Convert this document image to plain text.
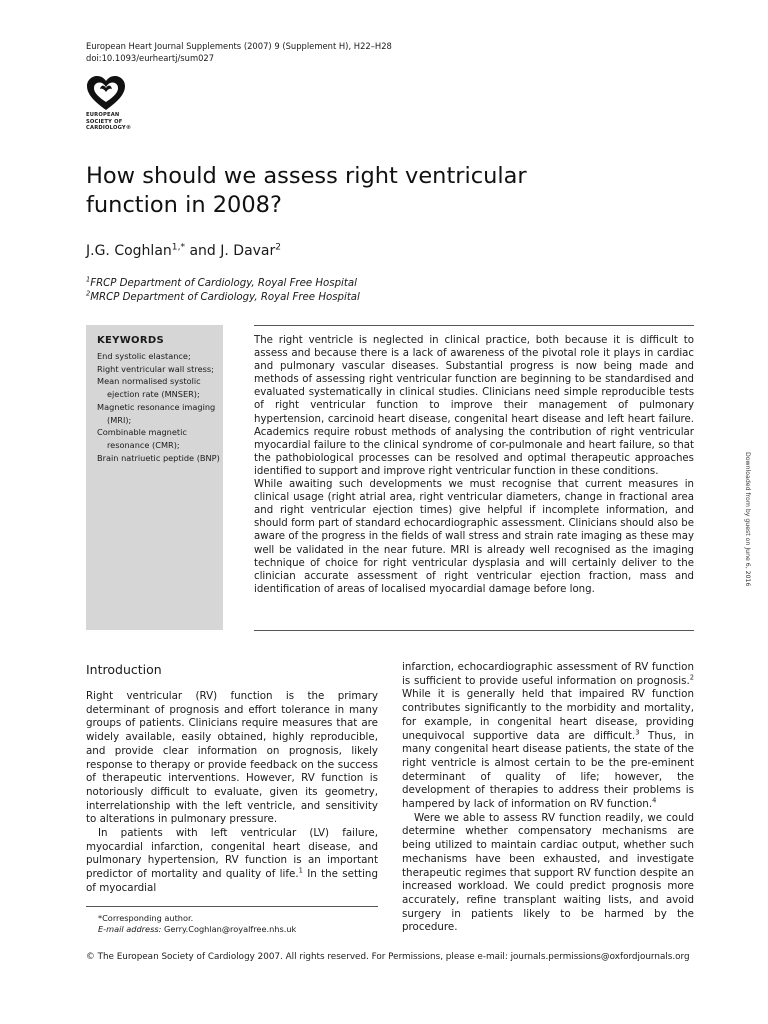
European Heart Journal Supplements (2007) 9 (Supplement H), H22–H28
doi:10.1093/eurheartj/sum027
EUROPEAN
SOCIETY OF
CARDIOLOGY®
How should we assess right ventricular
function in 2008?
J.G. Coghlan$^{1,*}$ and J. Davar$^2$
$^1$FRCP Department of Cardiology, Royal Free Hospital
$^2$MRCP Department of Cardiology, Royal Free Hospital
KEYWORDS
End systolic elastance;
Right ventricular wall stress;
Mean normalised systolic ejection rate (MNSER);
Magnetic resonance imaging (MRI);
Combinable magnetic resonance (CMR);
Brain natriuetic peptide (BNP)

The right ventricle is neglected in clinical practice, both because it is difficult to assess and because there is a lack of awareness of the pivotal role it plays in cardiac and pulmonary vascular diseases. Substantial progress is now being made and methods of assessing right ventricular function are beginning to be standardised and evaluated systematically in clinical studies. Clinicians need simple reproducible tests of right ventricular function to improve their management of pulmonary hypertension, carcinoid heart disease, congenital heart disease and left heart failure. Academics require robust methods of analysing the contribution of right ventricular myocardial failure to the clinical syndrome of cor-pulmonale and heart failure, so that the pathobiological processes can be resolved and optimal therapeutic approaches identified to support and improve right ventricular function in these conditions.

While awaiting such developments we must recognise that current measures in clinical usage (right atrial area, right ventricular diameters, change in fractional area and right ventricular ejection times) give helpful if incomplete information, and should form part of standard echocardiographic assessment. Clinicians should also be aware of the progress in the fields of wall stress and strain rate imaging as these may well be validated in the near future. MRI is already well recognised as the imaging technique of choice for right ventricular dysplasia and will certainly deliver to the clinician accurate assessment of right ventricular ejection fraction, mass and identification of areas of localised myocardial damage before long.

Introduction

Right ventricular (RV) function is the primary determinant of prognosis and effort tolerance in many groups of patients. Clinicians require measures that are widely available, easily obtained, highly reproducible, and provide clear information on prognosis, likely response to therapy or provide feedback on the success of therapeutic interventions. However, RV function is notoriously difficult to evaluate, given its geometry, interrelationship with the left ventricle, and sensitivity to alterations in pulmonary pressure.

In patients with left ventricular (LV) failure, myocardial infarction, congenital heart disease, and pulmonary hypertension, RV function is an important predictor of mortality and quality of life.$^1$ In the setting of myocardial

infarction, echocardiographic assessment of RV function is sufficient to provide useful information on prognosis.$^2$ While it is generally held that impaired RV function contributes significantly to the morbidity and mortality, for example, in congenital heart disease, providing unequivocal supportive data are difficult.$^3$ Thus, in many congenital heart disease patients, the state of the right ventricle is almost certain to be the pre-eminent determinant of quality of life; however, the development of therapies to address their problems is hampered by lack of information on RV function.$^4$

Were we able to assess RV function readily, we could determine whether compensatory mechanisms are being utilized to maintain cardiac output, whether such mechanisms have been exhausted, and investigate therapeutic regimes that support RV function despite an increased workload. We could predict prognosis more accurately, refine transplant waiting lists, and avoid surgery in patients likely to be harmed by the procedure.

*Corresponding author.
E-mail address: Gerry.Coghlan@royalfree.nhs.uk
© The European Society of Cardiology 2007. All rights reserved. For Permissions, please e-mail: journals.permissions@oxfordjournals.org
Downloaded from by guest on June 6, 2016
